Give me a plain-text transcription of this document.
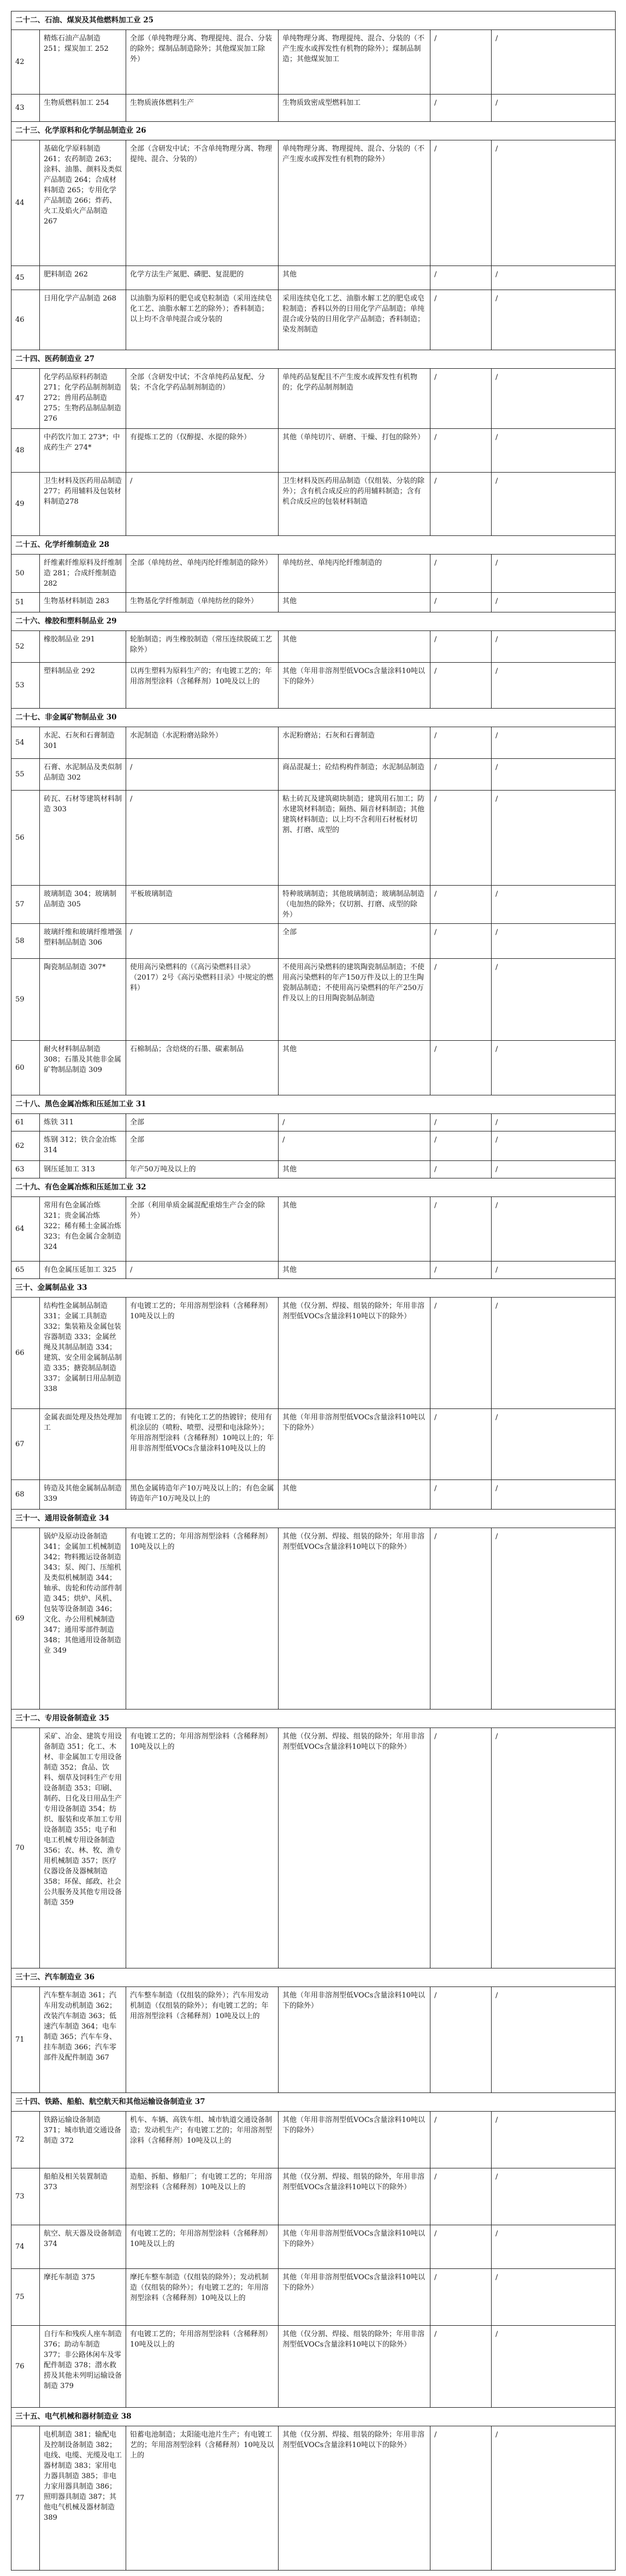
二十二、石油、煤炭及其他燃料加工业 25					
42	精炼石油产品制造 251；煤炭加工 252	全部（单纯物理分离、物理提纯、混合、分装的除外；煤制品制造除外；其他煤炭加工除外）	单纯物理分离、物理提纯、混合、分装的（不产生废水或挥发性有机物的除外）；煤制品制造；其他煤炭加工	/	/
43	生物质燃料加工 254	生物质液体燃料生产	生物质致密成型燃料加工	/	/
二十三、化学原料和化学制品制造业 26					
44	基础化学原料制造 261；农药制造 263；涂料、油墨、颜料及类似产品制造 264；合成材料制造 265；专用化学产品制造 266；炸药、火工及焰火产品制造 267	全部（含研发中试；不含单纯物理分离、物理提纯、混合、分装的）	单纯物理分离、物理提纯、混合、分装的（不产生废水或挥发性有机物的除外）	/	/
45	肥料制造 262	化学方法生产氮肥、磷肥、复混肥的	其他	/	/
46	日用化学产品制造 268	以油脂为原料的肥皂或皂粒制造（采用连续皂化工艺、油脂水解工艺的除外）；香料制造；以上均不含单纯混合或分装的	采用连续皂化工艺、油脂水解工艺的肥皂或皂粒制造；香料以外的日用化学产品制造；单纯混合或分装的日用化学产品制造；香料制造；染发剂制造	/	/
二十四、医药制造业 27					
47	化学药品原料药制造 271；化学药品制剂制造 272；兽用药品制造 275；生物药品制品制造 276	全部（含研发中试；不含单纯药品复配、分装；不含化学药品制剂制造的）	单纯药品复配且不产生废水或挥发性有机物的；化学药品制剂制造	/	/
48	中药饮片加工 273*；中成药生产 274*	有提炼工艺的（仅醇提、水提的除外）	其他（单纯切片、研磨、干燥、打包的除外）	/	/
49	卫生材料及医药用品制造 277；药用辅料及包装材料制造278	/	卫生材料及医药用品制造（仅组装、分装的除外）；含有机合成反应的药用辅料制造；含有机合成反应的包装材料制造	/	/
二十五、化学纤维制造业 28					
50	纤维素纤维原料及纤维制造 281；合成纤维制造 282	全部（单纯纺丝、单纯丙纶纤维制造的除外）	单纯纺丝、单纯丙纶纤维制造的	/	/
51	生物基材料制造 283	生物基化学纤维制造（单纯纺丝的除外）	其他	/	/
二十六、橡胶和塑料制品业 29					
52	橡胶制品业 291	轮胎制造；再生橡胶制造（常压连续脱硫工艺除外）	其他	/	/
53	塑料制品业 292	以再生塑料为原料生产的；有电镀工艺的；年用溶剂型涂料（含稀释剂）10吨及以上的	其他（年用非溶剂型低VOCs含量涂料10吨以下的除外）	/	/
二十七、非金属矿物制品业 30					
54	水泥、石灰和石膏制造 301	水泥制造（水泥粉磨站除外）	水泥粉磨站；石灰和石膏制造	/	/
55	石膏、水泥制品及类似制品制造 302	/	商品混凝土；砼结构构件制造；水泥制品制造	/	/
56	砖瓦、石材等建筑材料制造 303	/	粘土砖瓦及建筑砌块制造；建筑用石加工；防水建筑材料制造；隔热、隔音材料制造；其他建筑材料制造；以上均不含利用石材板材切割、打磨、成型的	/	/
57	玻璃制造 304；玻璃制品制造 305	平板玻璃制造	特种玻璃制造；其他玻璃制造；玻璃制品制造（电加热的除外；仅切割、打磨、成型的除外）	/	/
58	玻璃纤维和玻璃纤维增强塑料制品制造 306	/	全部	/	/
59	陶瓷制品制造 307*	使用高污染燃料的（《高污染燃料目录》（2017）2号《高污染燃料目录》中规定的燃料）	不使用高污染燃料的建筑陶瓷制品制造；不使用高污染燃料的年产150万件及以上的卫生陶瓷制品制造；不使用高污染燃料的年产250万件及以上的日用陶瓷制品制造	/	/
60	耐火材料制品制造 308；石墨及其他非金属矿物制品制造 309	石棉制品；含焙烧的石墨、碳素制品	其他	/	/
二十八、黑色金属冶炼和压延加工业 31					
61	炼铁 311	全部	/	/	/
62	炼钢 312；铁合金冶炼 314	全部	/	/	/
63	钢压延加工 313	年产50万吨及以上的	其他	/	/
二十九、有色金属冶炼和压延加工业 32					
64	常用有色金属冶炼 321；贵金属冶炼 322；稀有稀土金属冶炼 323；有色金属合金制造 324	全部（利用单质金属混配重熔生产合金的除外）	其他	/	/
65	有色金属压延加工 325	/	其他	/	/
三十、金属制品业 33					
66	结构性金属制品制造 331；金属工具制造 332；集装箱及金属包装容器制造 333；金属丝绳及其制品制造 334；建筑、安全用金属制品制造 335；搪瓷制品制造 337；金属制日用品制造 338	有电镀工艺的；年用溶剂型涂料（含稀释剂）10吨及以上的	其他（仅分割、焊接、组装的除外；年用非溶剂型低VOCs含量涂料10吨以下的除外）	/	/
67	金属表面处理及热处理加工	有电镀工艺的；有钝化工艺的热镀锌；使用有机涂层的（喷粉、喷塑、浸塑和电泳除外）；年用溶剂型涂料（含稀释剂）10吨以上的；年用非溶剂型低VOCs含量涂料10吨及以上的	其他（年用非溶剂型低VOCs含量涂料10吨以下的除外）	/	/
68	铸造及其他金属制品制造 339	黑色金属铸造年产10万吨及以上的；有色金属铸造年产10万吨及以上的	其他	/	/
三十一、通用设备制造业 34					
69	锅炉及原动设备制造 341；金属加工机械制造 342；物料搬运设备制造 343；泵、阀门、压缩机及类似机械制造 344；轴承、齿轮和传动部件制造 345；烘炉、风机、包装等设备制造 346；文化、办公用机械制造 347；通用零部件制造 348；其他通用设备制造业 349	有电镀工艺的；年用溶剂型涂料（含稀释剂）10吨及以上的	其他（仅分割、焊接、组装的除外；年用非溶剂型低VOCs含量涂料10吨以下的除外）	/	/
三十二、专用设备制造业 35					
70	采矿、冶金、建筑专用设备制造 351；化工、木材、非金属加工专用设备制造 352；食品、饮料、烟草及饲料生产专用设备制造 353；印刷、制药、日化及日用品生产专用设备制造 354；纺织、服装和皮革加工专用设备制造 355；电子和电工机械专用设备制造 356；农、林、牧、渔专用机械制造 357；医疗仪器设备及器械制造 358；环保、邮政、社会公共服务及其他专用设备制造 359	有电镀工艺的；年用溶剂型涂料（含稀释剂）10吨及以上的	其他（仅分割、焊接、组装的除外；年用非溶剂型低VOCs含量涂料10吨以下的除外）	/	/
三十三、汽车制造业 36					
71	汽车整车制造 361；汽车用发动机制造 362；改装汽车制造 363；低速汽车制造 364；电车制造 365；汽车车身、挂车制造 366；汽车零部件及配件制造 367	汽车整车制造（仅组装的除外）；汽车用发动机制造（仅组装的除外）；有电镀工艺的；年用溶剂型涂料（含稀释剂）10吨及以上的	其他（年用非溶剂型低VOCs含量涂料10吨以下的除外）	/	/
三十四、铁路、船舶、航空航天和其他运输设备制造业 37					
72	铁路运输设备制造 371；城市轨道交通设备制造 372	机车、车辆、高铁车组、城市轨道交通设备制造；发动机生产；有电镀工艺的；年用溶剂型涂料（含稀释剂）10吨及以上的	其他（年用非溶剂型低VOCs含量涂料10吨以下的除外）	/	/
73	船舶及相关装置制造 373	造船、拆船、修船厂；有电镀工艺的；年用溶剂型涂料（含稀释剂）10吨及以上的	其他（仅分割、焊接、组装的除外，年用非溶剂型低VOCs含量涂料10吨以下的除外）	/	/
74	航空、航天器及设备制造 374	有电镀工艺的；年用溶剂型涂料（含稀释剂）10吨及以上的	其他（年用非溶剂型低VOCs含量涂料10吨以下的除外）	/	/
75	摩托车制造 375	摩托车整车制造（仅组装的除外）；发动机制造（仅组装的除外）；有电镀工艺的；年用溶剂型涂料（含稀释剂）10吨及以上的	其他（年用非溶剂型低VOCs含量涂料10吨以下的除外）	/	/
76	自行车和残疾人座车制造 376；助动车制造 377；非公路休闲车及零配件制造 378；潜水救捞及其他未列明运输设备制造 379	有电镀工艺的；年用溶剂型涂料（含稀释剂）10吨及以上的	其他（仅分割、焊接、组装的除外；年用非溶剂型低VOCs含量涂料10吨以下的除外）	/	/
三十五、电气机械和器材制造业 38					
77	电机制造 381；输配电及控制设备制造 382；电线、电缆、光缆及电工器材制造 383；家用电力器具制造 385；非电力家用器具制造 386；照明器具制造 387；其他电气机械及器材制造 389	铅蓄电池制造；太阳能电池片生产；有电镀工艺的；年用溶剂型涂料（含稀释剂）10吨及以上的	其他（仅分割、焊接、组装的除外；年用非溶剂型低VOCs含量涂料10吨以下的除外）	/	/
